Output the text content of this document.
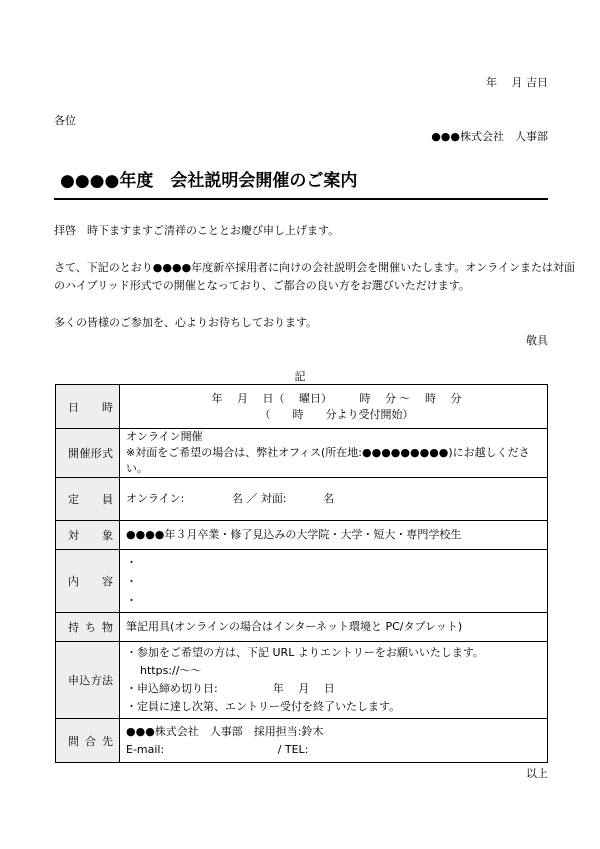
年　 月 吉日
各位
●●●株式会社　人事部
●●●●年度　会社説明会開催のご案内
拝啓　時下ますますご清祥のこととお慶び申し上げます。
さて、下記のとおり●●●●年度新卒採用者に向けの会社説明会を開催いたします。オンラインまたは対面
のハイブリッド形式での開催となっており、ご都合の良い方をお選びいただけます。
多くの皆様のご参加を、心よりお待ちしております。
敬具
記
日　　時	年　 月　 日（　 曜日）　　　時　 分 ～　 時　 分
（　　時　　分より受付開始）

開催形式	オンライン開催
※対面をご希望の場合は、弊社オフィス(所在地:●●●●●●●●●)にお越しください。

定　　員	オンライン:　　　　 名 ／ 対面:　　　 名
対　　象	●●●●年３月卒業・修了見込みの大学院・大学・短大・専門学校生
内　　容	・
・
・

持ち物	筆記用具(オンラインの場合はインターネット環境と PC/タブレット)
申込方法	・参加をご希望の方は、下記 URL よりエントリーをお願いいたします。
https://～～
・申込締め切り日:　　　　　年　 月　 日
・定員に達し次第、エントリー受付を終了いたします。

問合先	●●●株式会社　人事部　採用担当:鈴木
E-mail:　　　　　　　　　　 / TEL:
以上
